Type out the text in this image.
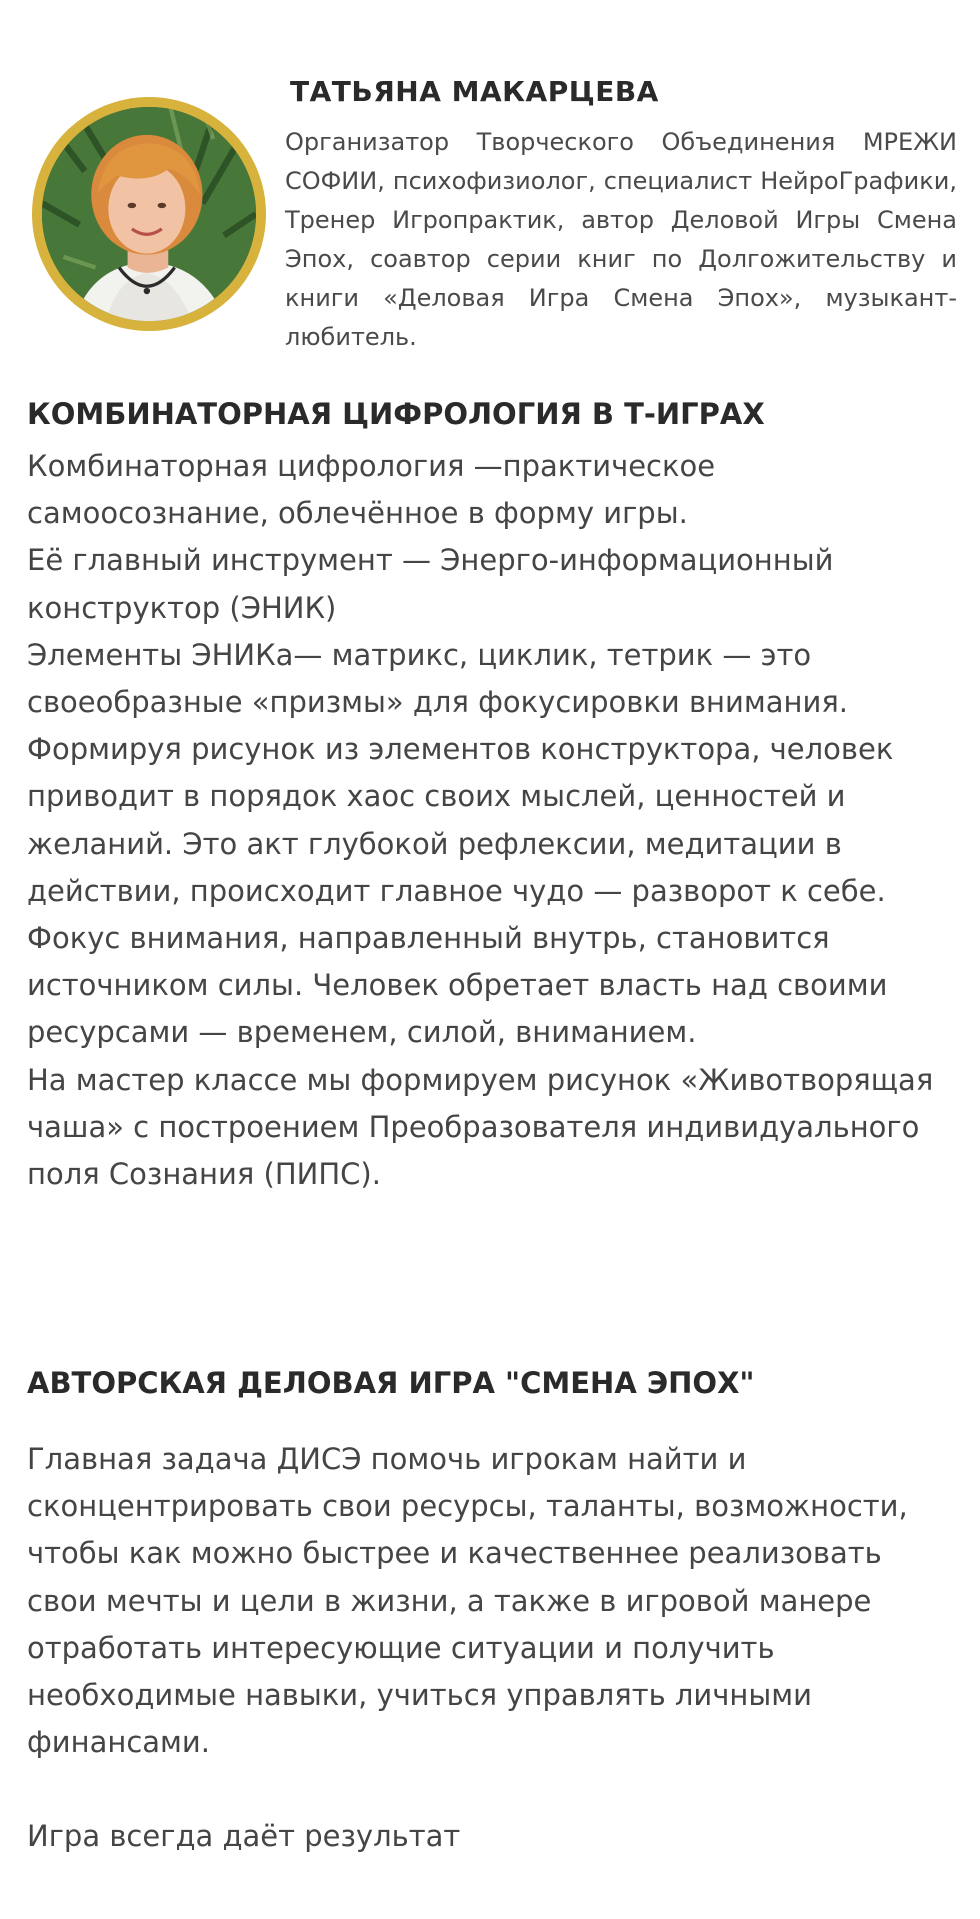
ТАТЬЯНА МАКАРЦЕВА

Организатор Творческого Объединения МРЕЖИ СОФИИ, психофизиолог, специалист НейроГрафики, Тренер Игропрактик, автор Деловой Игры Смена Эпох, соавтор серии книг по Долгожительству и книги «Деловая Игра Смена Эпох», музыкант-любитель.

КОМБИНАТОРНАЯ ЦИФРОЛОГИЯ В Т-ИГРАХ

Комбинаторная цифрология —практическое самоосознание, облечённое в форму игры.

Её главный инструмент — Энерго-информационный конструктор (ЭНИК)

Элементы ЭНИКа— матрикс, циклик, тетрик — это своеобразные «призмы» для фокусировки внимания.

Формируя рисунок из элементов конструктора, человек приводит в порядок хаос своих мыслей, ценностей и желаний. Это акт глубокой рефлексии, медитации в действии, происходит главное чудо — разворот к себе.

Фокус внимания, направленный внутрь, становится источником силы. Человек обретает власть над своими ресурсами — временем, силой, вниманием.

На мастер классе мы формируем рисунок «Животворящая чаша» с построением Преобразователя индивидуального поля Сознания (ПИПС).

АВТОРСКАЯ ДЕЛОВАЯ ИГРА "СМЕНА ЭПОХ"

Главная задача ДИСЭ помочь игрокам найти и сконцентрировать свои ресурсы, таланты, возможности, чтобы как можно быстрее и качественнее реализовать свои мечты и цели в жизни, а также в игровой манере отработать интересующие ситуации и получить необходимые навыки, учиться управлять личными финансами.

Игра всегда даёт результат
